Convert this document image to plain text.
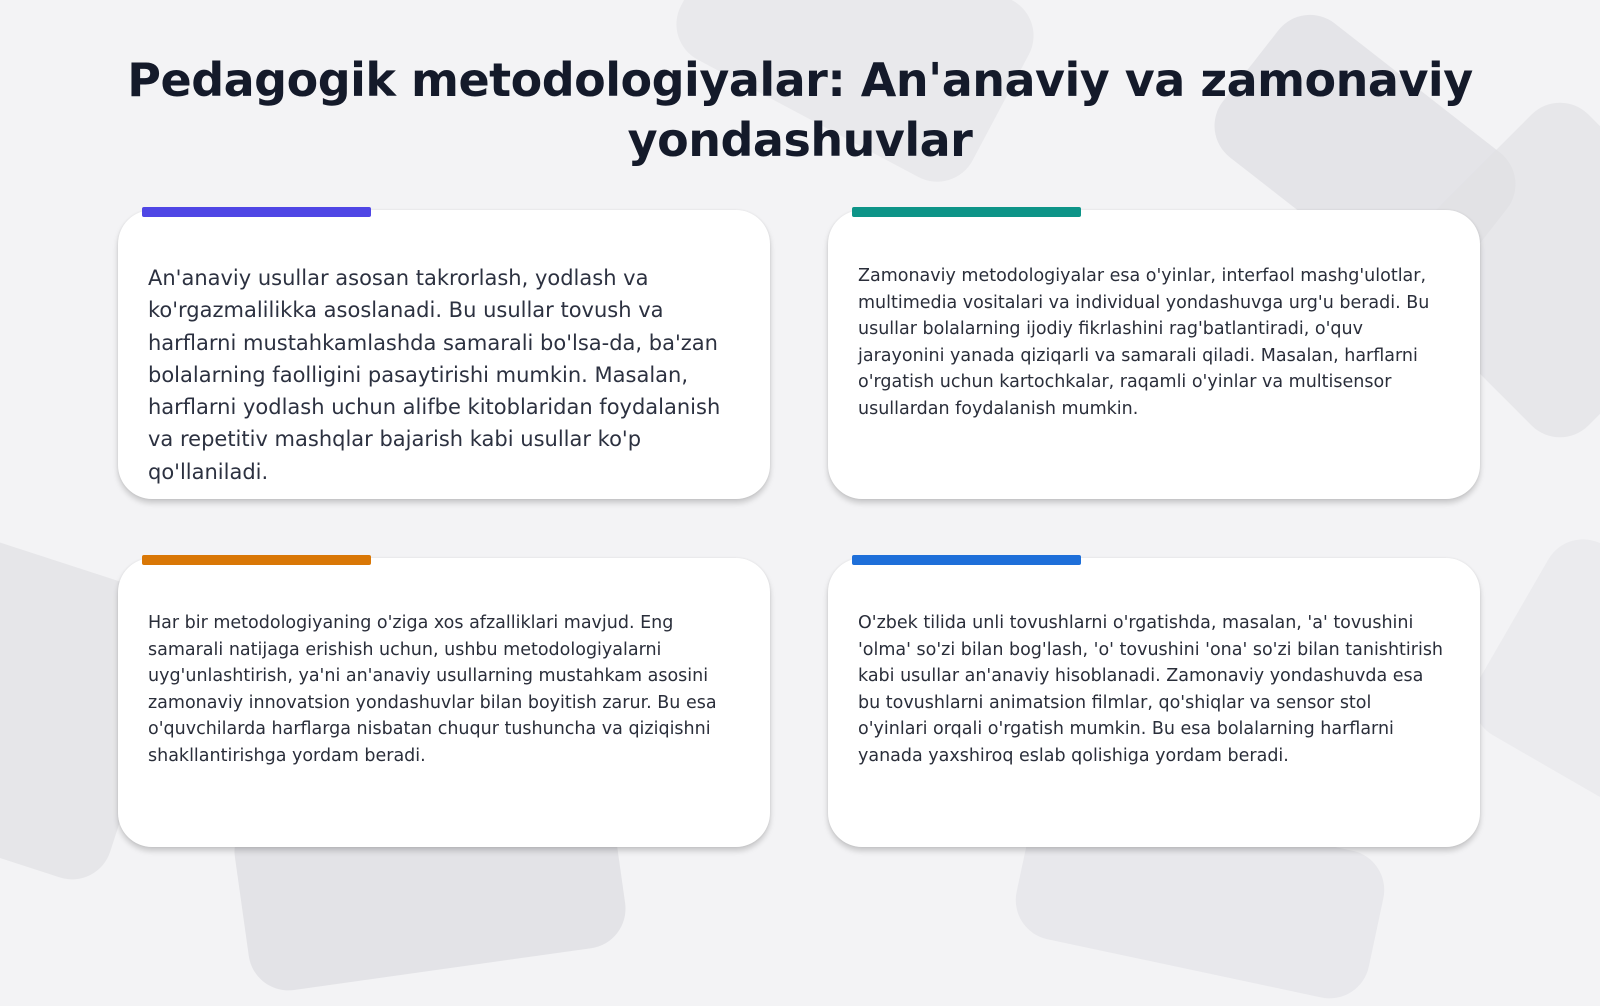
Pedagogik metodologiyalar: An'anaviy va zamonaviy yondashuvlar

An'anaviy usullar asosan takrorlash, yodlash va ko'rgazmalilikka asoslanadi. Bu usullar tovush va harflarni mustahkamlashda samarali bo'lsa-da, ba'zan bolalarning faolligini pasaytirishi mumkin. Masalan, harflarni yodlash uchun alifbe kitoblaridan foydalanish va repetitiv mashqlar bajarish kabi usullar ko'p qo'llaniladi.

Zamonaviy metodologiyalar esa o'yinlar, interfaol mashg'ulotlar, multimedia vositalari va individual yondashuvga urg'u beradi. Bu usullar bolalarning ijodiy fikrlashini rag'batlantiradi, o'quv jarayonini yanada qiziqarli va samarali qiladi. Masalan, harflarni o'rgatish uchun kartochkalar, raqamli o'yinlar va multisensor usullardan foydalanish mumkin.

Har bir metodologiyaning o'ziga xos afzalliklari mavjud. Eng samarali natijaga erishish uchun, ushbu metodologiyalarni uyg'unlashtirish, ya'ni an'anaviy usullarning mustahkam asosini zamonaviy innovatsion yondashuvlar bilan boyitish zarur. Bu esa o'quvchilarda harflarga nisbatan chuqur tushuncha va qiziqishni shakllantirishga yordam beradi.

O'zbek tilida unli tovushlarni o'rgatishda, masalan, 'a' tovushini 'olma' so'zi bilan bog'lash, 'o' tovushini 'ona' so'zi bilan tanishtirish kabi usullar an'anaviy hisoblanadi. Zamonaviy yondashuvda esa bu tovushlarni animatsion filmlar, qo'shiqlar va sensor stol o'yinlari orqali o'rgatish mumkin. Bu esa bolalarning harflarni yanada yaxshiroq eslab qolishiga yordam beradi.
